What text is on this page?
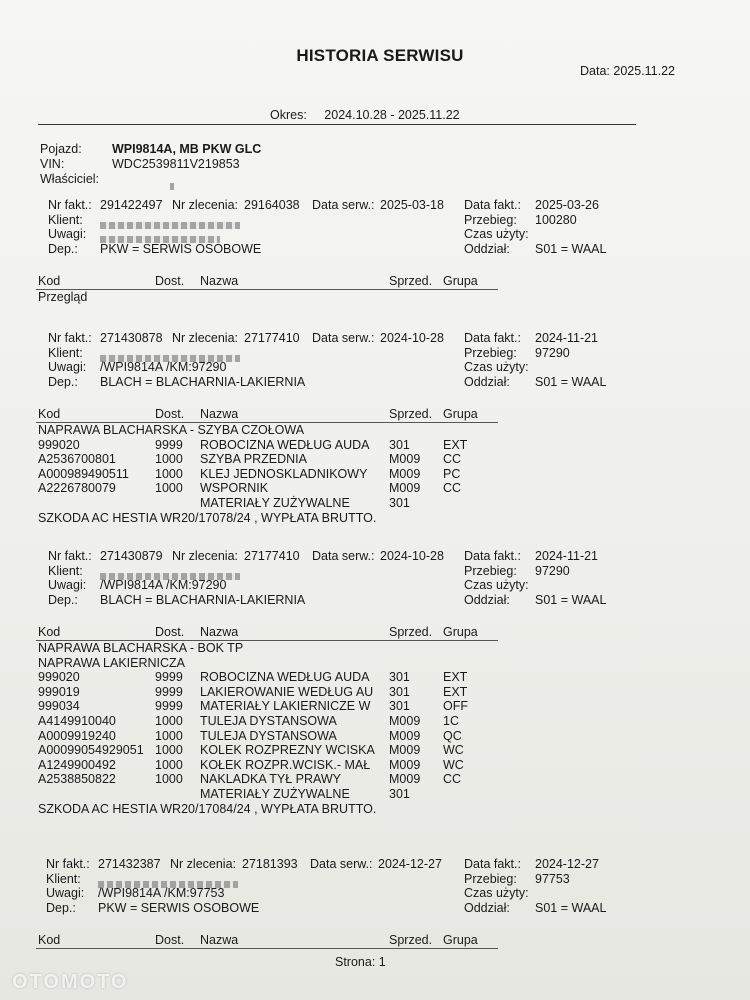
HISTORIA SERWISU
Data: 2025.11.22
Okres: 2024.10.28 - 2025.11.22
Pojazd: WPI9814A, MB PKW GLC
VIN:	WDC2539811V219853
Właściciel:
Nr fakt.: 291422497 Nr zlecenia: 29164038 Data serw.: 2025-03-18 Data fakt.: 2025-03-26
Klient:	Przebieg: 100280
Uwagi:	Czas użyty:
Dep.: PKW = SERWIS OSOBOWE	Oddział: S01 = WAAL
Kod	Dost. Nazwa	Sprzed. Grupa
Przegląd
Nr fakt.: 271430878 Nr zlecenia: 27177410 Data serw.: 2024-10-28 Data fakt.: 2024-11-21
Klient:	Przebieg: 97290
Uwagi: /WPI9814A /KM:97290	Czas użyty:
Dep.: BLACH = BLACHARNIA-LAKIERNIA	Oddział: S01 = WAAL
Kod	Dost. Nazwa	Sprzed. Grupa
NAPRAWA BLACHARSKA - SZYBA CZOŁOWA
999020	9999 ROBOCIZNA WEDŁUG AUDA 301	EXT
A2536700801	1000 SZYBA PRZEDNIA	M009 CC
A000989490511 1000 KLEJ JEDNOSKLADNIKOWY M009 PC
A2226780079	1000 WSPORNIK	M009 CC
MATERIAŁY ZUŻYWALNE	301
SZKODA AC HESTIA WR20/17078/24 , WYPŁATA BRUTTO.
Nr fakt.: 271430879 Nr zlecenia: 27177410 Data serw.: 2024-10-28 Data fakt.: 2024-11-21
Klient:	Przebieg: 97290
Uwagi: /WPI9814A /KM:97290	Czas użyty:
Dep.: BLACH = BLACHARNIA-LAKIERNIA	Oddział: S01 = WAAL
Kod	Dost. Nazwa	Sprzed. Grupa
NAPRAWA BLACHARSKA - BOK TP
NAPRAWA LAKIERNICZA
999020	9999 ROBOCIZNA WEDŁUG AUDA 301	EXT
999019	9999 LAKIEROWANIE WEDŁUG AU 301	EXT
999034	9999 MATERIAŁY LAKIERNICZE W 301	OFF
A4149910040	1000 TULEJA DYSTANSOWA	M009 1C
A0009919240	1000 TULEJA DYSTANSOWA	M009 QC
A00099054929051 1000 KOLEK ROZPREZNY WCISKA M009 WC
A1249900492	1000 KOŁEK ROZPR.WCISK.- MAŁ M009 WC
A2538850822	1000 NAKLADKA TYŁ PRAWY	M009 CC
MATERIAŁY ZUŻYWALNE	301
SZKODA AC HESTIA WR20/17084/24 , WYPŁATA BRUTTO.
Nr fakt.: 271432387 Nr zlecenia: 27181393 Data serw.: 2024-12-27 Data fakt.: 2024-12-27
Klient:	Przebieg: 97753
Uwagi: /WPI9814A /KM:97753	Czas użyty:
Dep.: PKW = SERWIS OSOBOWE	Oddział: S01 = WAAL
Kod	Dost. Nazwa	Sprzed. Grupa
Strona: 1
OTOMOTO
